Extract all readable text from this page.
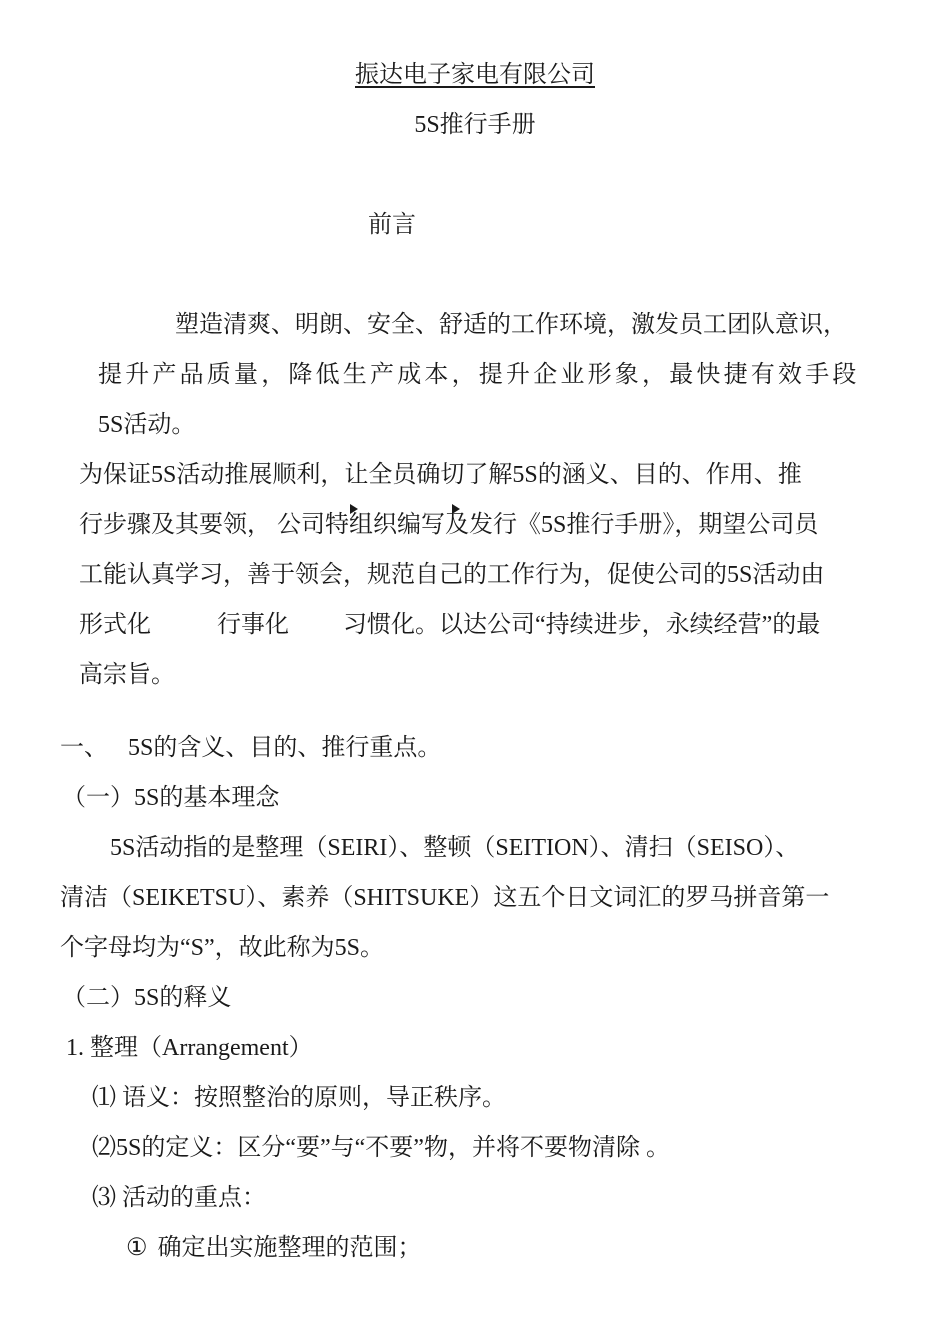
振达电子家电有限公司
5S推行手册
前言
塑造清爽、明朗、安全、舒适的工作环境，激发员工团队意识，
提升产品质量，降低生产成本，提升企业形象，最快捷有效手段
5S活动。
为保证5S活动推展顺利，让全员确切了解5S的涵义、目的、作用、推
行步骤及其要领， 公司特组织编写及发行《5S推行手册》，期望公司员
工能认真学习，善于领会，规范自己的工作行为，促使公司的5S活动由
形式化	行事化 习惯化。以达公司“持续进步，永续经营”的最
高宗旨。
一、 5S的含义、目的、推行重点。
（一）5S的基本理念
5S活动指的是整理（SEIRI）、整顿（SEITION）、清扫（SEISO）、
清洁（SEIKETSU）、素养（SHITSUKE）这五个日文词汇的罗马拼音第一
个字母均为“S”，故此称为5S。
（二）5S的释义
1. 整理（Arrangement）
⑴ 语义：按照整治的原则，导正秩序。
⑵5S的定义：区分“要”与“不要”物，并将不要物清除 。
⑶ 活动的重点：
① 确定出实施整理的范围；
